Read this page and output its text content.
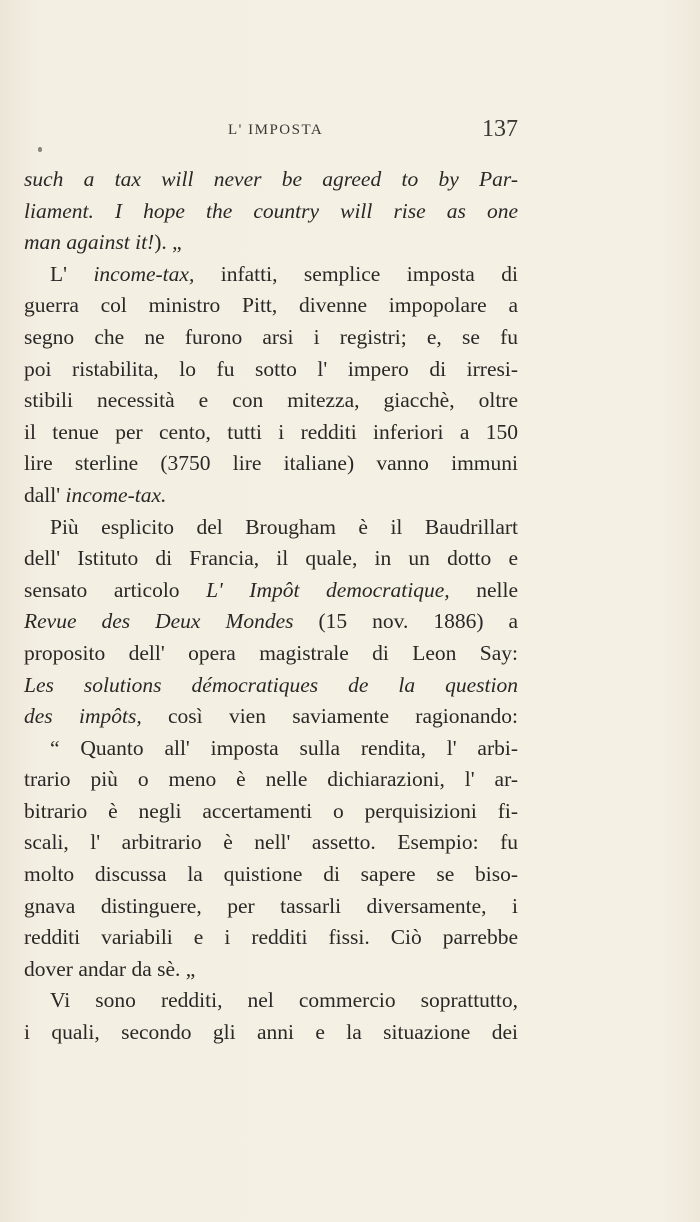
L' IMPOSTA	137
such a tax will never be agreed to by Par-
liament. I hope the country will rise as one
man against it!). „
L' income-tax, infatti, semplice imposta di
guerra col ministro Pitt, divenne impopolare a
segno che ne furono arsi i registri; e, se fu
poi ristabilita, lo fu sotto l' impero di irresi-
stibili necessità e con mitezza, giacchè, oltre
il tenue per cento, tutti i redditi inferiori a 150
lire sterline (3750 lire italiane) vanno immuni
dall' income-tax.
Più esplicito del Brougham è il Baudrillart
dell' Istituto di Francia, il quale, in un dotto e
sensato articolo L' Impôt democratique, nelle
Revue des Deux Mondes (15 nov. 1886) a
proposito dell' opera magistrale di Leon Say:
Les solutions démocratiques de la question
des impôts, così vien saviamente ragionando:
“ Quanto all' imposta sulla rendita, l' arbi-
trario più o meno è nelle dichiarazioni, l' ar-
bitrario è negli accertamenti o perquisizioni fi-
scali, l' arbitrario è nell' assetto. Esempio: fu
molto discussa la quistione di sapere se biso-
gnava distinguere, per tassarli diversamente, i
redditi variabili e i redditi fissi. Ciò parrebbe
dover andar da sè. „
Vi sono redditi, nel commercio soprattutto,
i quali, secondo gli anni e la situazione dei
